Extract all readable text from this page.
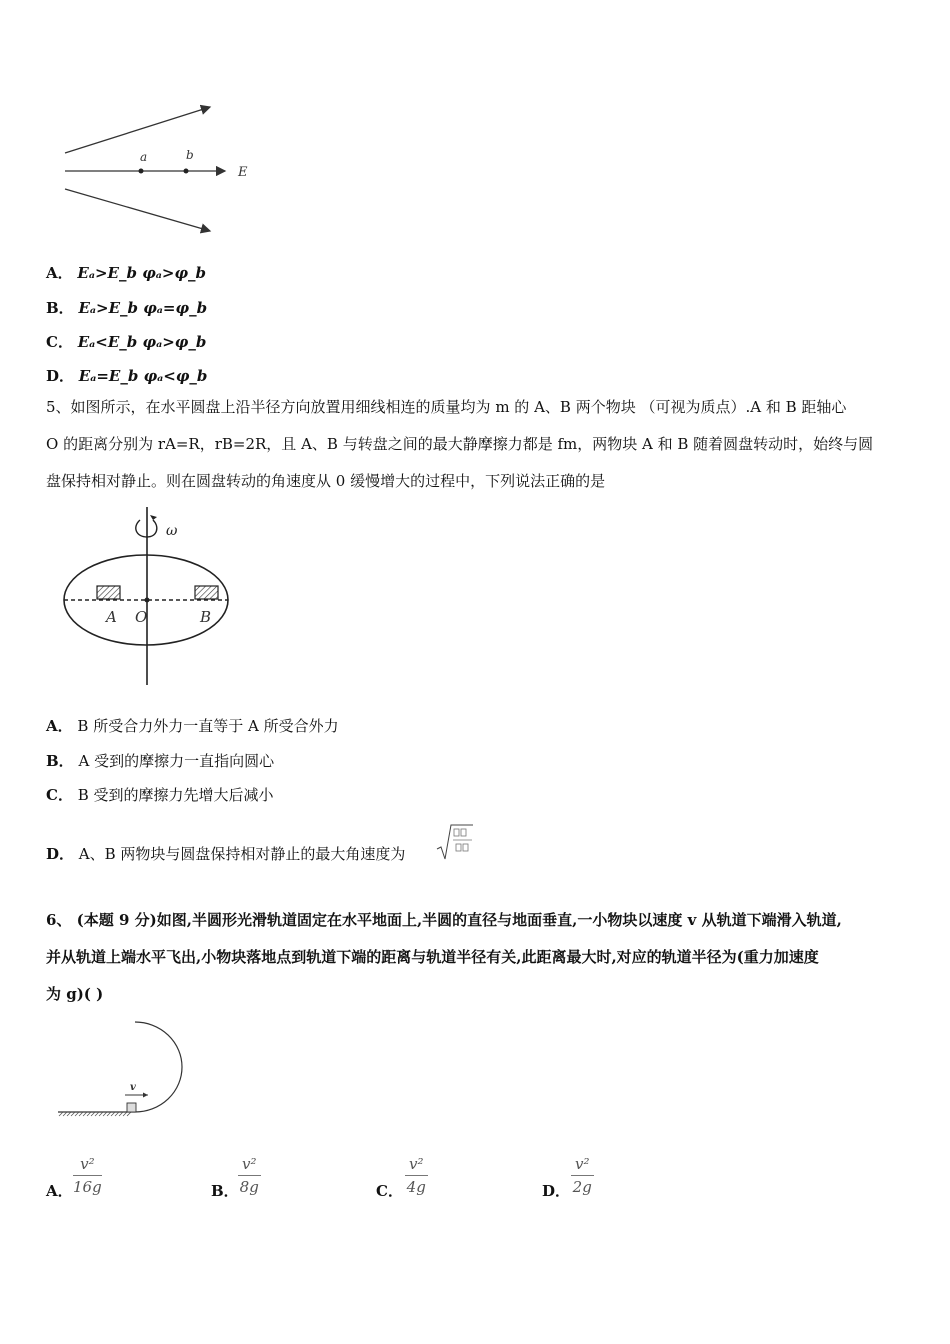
a	b
E
A． Eₐ>E_b φₐ>φ_b
B． Eₐ>E_b φₐ=φ_b
C． Eₐ<E_b φₐ>φ_b
D． Eₐ=E_b φₐ<φ_b
5、如图所示，在水平圆盘上沿半径方向放置用细线相连的质量均为 m 的 A、B 两个物块 （可视为质点）.A 和 B 距轴心
O 的距离分别为 rA=R，rB=2R，且 A、B 与转盘之间的最大静摩擦力都是 fm，两物块 A 和 B 随着圆盘转动时，始终与圆
盘保持相对静止。则在圆盘转动的角速度从 0 缓慢增大的过程中，下列说法正确的是
ω
A O	B
A． B 所受合力外力一直等于 A 所受合外力
B． A 受到的摩擦力一直指向圆心
C． B 受到的摩擦力先增大后减小
D． A、B 两物块与圆盘保持相对静止的最大角速度为
6、 (本题 9 分)如图,半圆形光滑轨道固定在水平地面上,半圆的直径与地面垂直,一小物块以速度 v 从轨道下端滑入轨道,
并从轨道上端水平飞出,小物块落地点到轨道下端的距离与轨道半径有关,此距离最大时,对应的轨道半径为(重力加速度
为 g)( )
v
A． $\frac{\text{v²}}{16g}$	B． $\frac{\text{v²}}{8g}$	C． $\frac{\text{v²}}{4g}$	D． $\frac{\text{v²}}{2g}$
